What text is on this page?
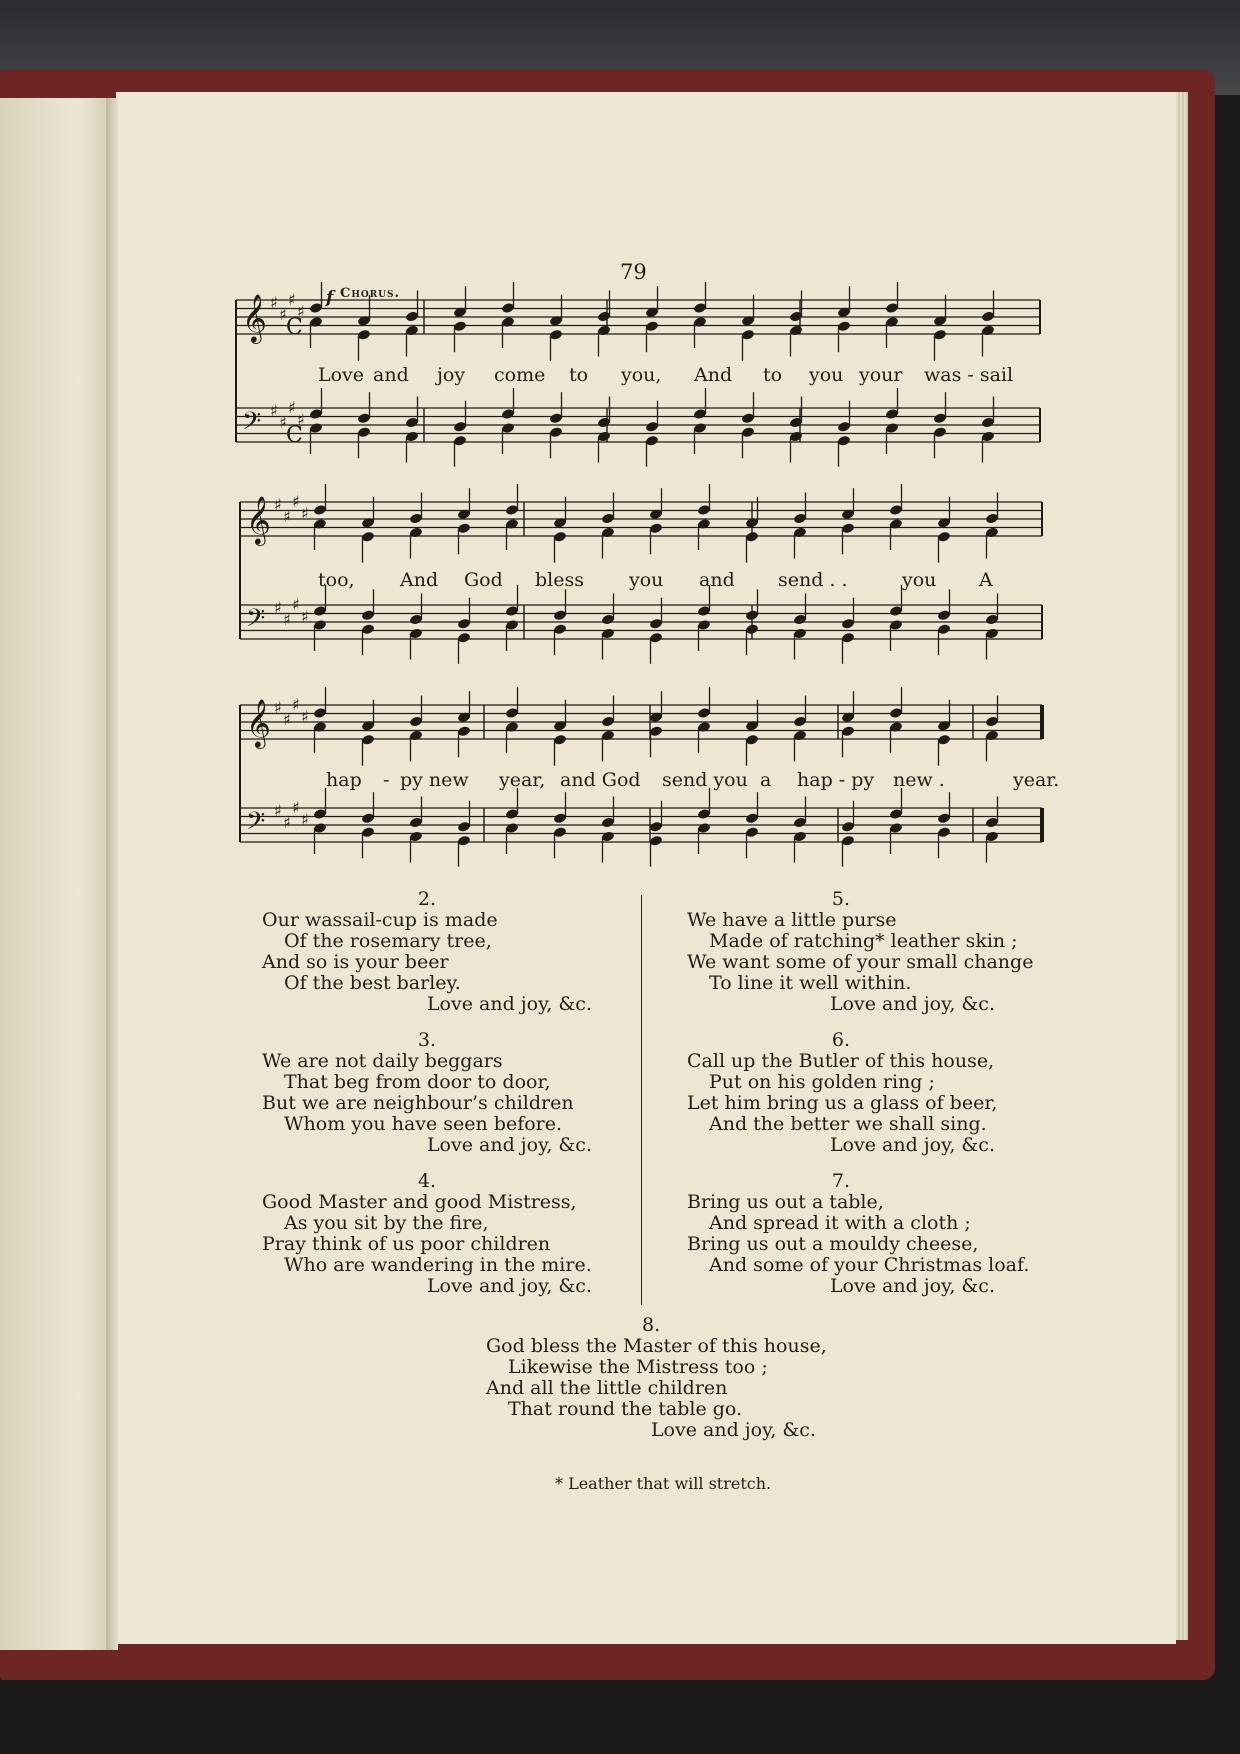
79
f Chorus.
𝄞
𝄢
♯
♯
♯
♯
♯
♯
♯
♯
𝄞
𝄢
♯
♯
♯
♯
♯
♯
♯
♯
𝄞
𝄢
♯
♯
♯
♯
♯
♯
♯
♯
C
C
Love and joy come to you, And to you your was - sail
too, And God bless you and send . .	you A
hap - py new year, and God send you a hap - py new .	year.
2.
Our wassail-cup is made
Of the rosemary tree,
And so is your beer
Of the best barley.
Love and joy, &c.
3.
We are not daily beggars
That beg from door to door,
But we are neighbour’s children
Whom you have seen before.
Love and joy, &c.
4.
Good Master and good Mistress,
As you sit by the fire,
Pray think of us poor children
Who are wandering in the mire.
Love and joy, &c.
5.
We have a little purse
Made of ratching* leather skin ;
We want some of your small change
To line it well within.
Love and joy, &c.
6.
Call up the Butler of this house,
Put on his golden ring ;
Let him bring us a glass of beer,
And the better we shall sing.
Love and joy, &c.
7.
Bring us out a table,
And spread it with a cloth ;
Bring us out a mouldy cheese,
And some of your Christmas loaf.
Love and joy, &c.
8.
God bless the Master of this house,
Likewise the Mistress too ;
And all the little children
That round the table go.
Love and joy, &c.
* Leather that will stretch.
